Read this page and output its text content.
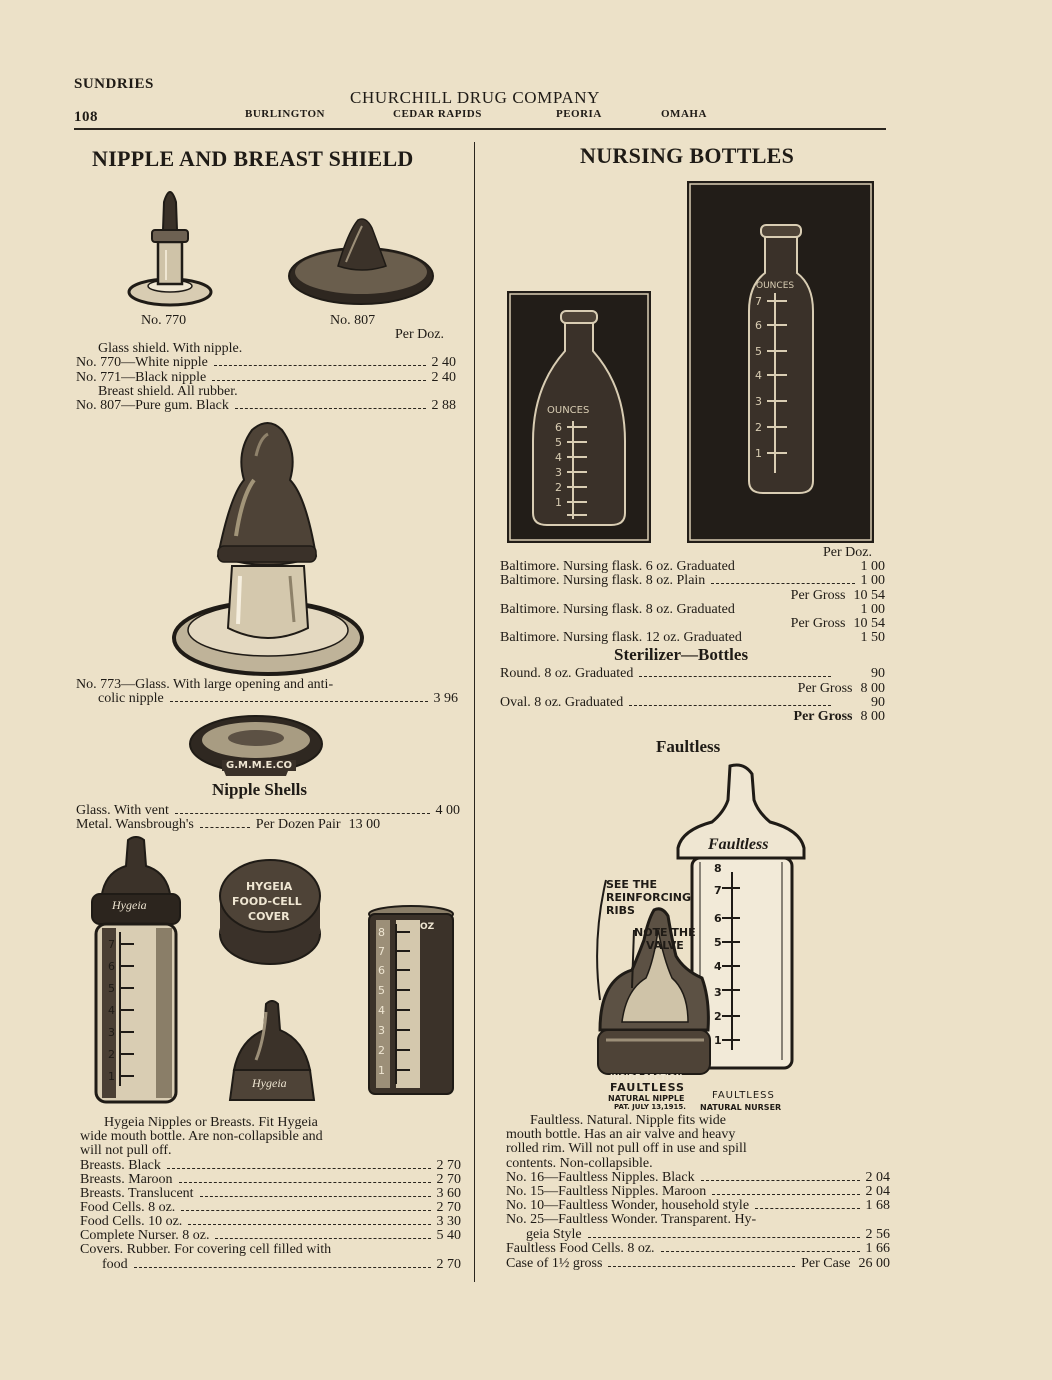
SUNDRIES
108
CHURCHILL DRUG COMPANY
BURLINGTON	CEDAR RAPIDS	PEORIA	OMAHA
NIPPLE AND BREAST SHIELD
No. 770	No. 807
Per Doz.
Glass shield. With nipple.
No. 770—White nipple	2 40
No. 771—Black nipple	2 40
Breast shield. All rubber.
No. 807—Pure gum. Black	2 88
No. 773—Glass. With large opening and anti-
colic nipple	3 96
G.M.M.E.CO
Nipple Shells
Glass. With vent	4 00
Metal. Wansbrough's	Per Dozen Pair 13 00
7
6
5
4
3
2
1
Hygeia
HYGEIA
FOOD-CELL
COVER
Hygeia
8
7
6
5
4
3
2
1
OZ
Hygeia Nipples or Breasts. Fit Hygeia
wide mouth bottle. Are non-collapsible and
will not pull off.
Breasts. Black	2 70
Breasts. Maroon	2 70
Breasts. Translucent	3 60
Food Cells. 8 oz.	2 70
Food Cells. 10 oz.	3 30
Complete Nurser. 8 oz.	5 40
Covers. Rubber. For covering cell filled with
food	2 70
NURSING BOTTLES
6
5
4
3
2
1
OUNCES
7
6
5
4
3
2
1
OUNCES
Per Doz.
Baltimore. Nursing flask. 6 oz. Graduated	1 00
Baltimore. Nursing flask. 8 oz. Plain	1 00
Per Gross 10 54
Baltimore. Nursing flask. 8 oz. Graduated	1 00
Per Gross 10 54
Baltimore. Nursing flask. 12 oz. Graduated	1 50
Sterilizer—Bottles
Round. 8 oz. Graduated	90
Per Gross 8 00
Oval. 8 oz. Graduated	90
Per Gross 8 00
Faultless
8
7
6
5
4
3
2
1
Faultless
SEE THE
REINFORCING
RIBS
NOTE THE
VALVE
INSIDE SECTION
FAULTLESS
NATURAL NIPPLE
PAT. JULY 13,1915.
FAULTLESS
NATURAL NURSER
Faultless. Natural. Nipple fits wide
mouth bottle. Has an air valve and heavy
rolled rim. Will not pull off in use and spill
contents. Non-collapsible.
No. 16—Faultless Nipples. Black	2 04
No. 15—Faultless Nipples. Maroon	2 04
No. 10—Faultless Wonder, household style	1 68
No. 25—Faultless Wonder. Transparent. Hy-
geia Style	2 56
Faultless Food Cells. 8 oz.	1 66
Case of 1½ gross	Per Case 26 00
